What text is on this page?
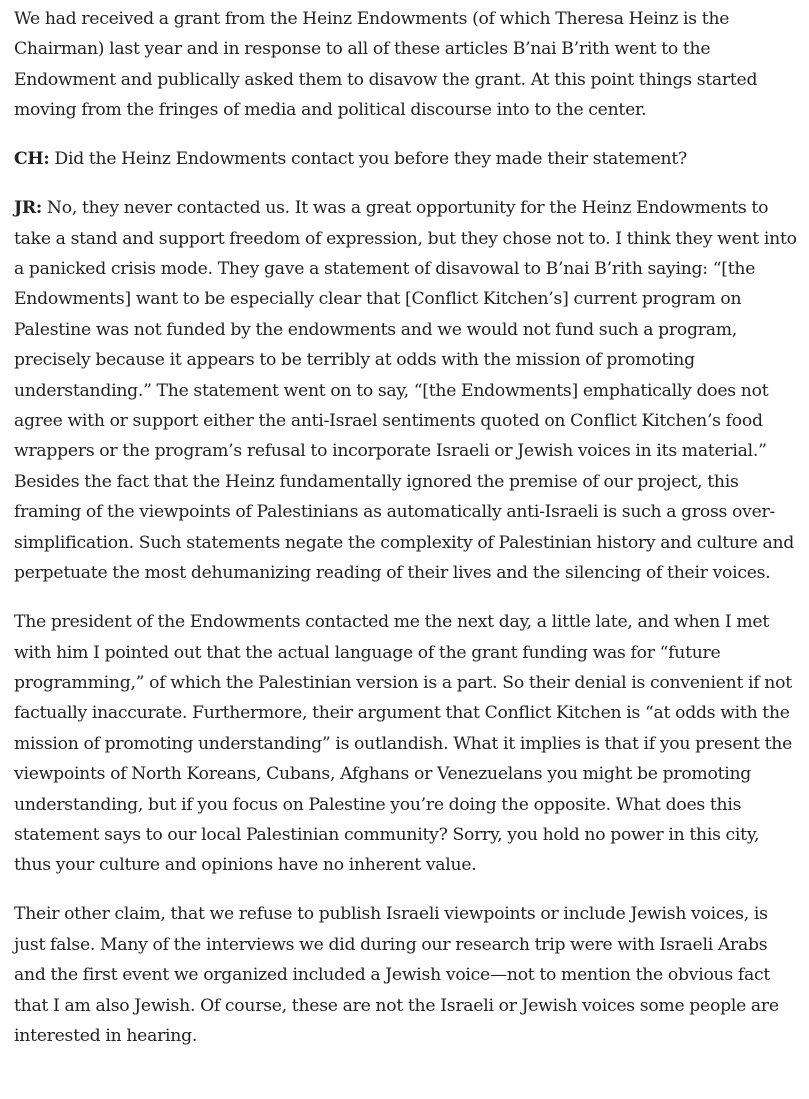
We had received a grant from the Heinz Endowments (of which Theresa Heinz is the Chairman) last year and in response to all of these articles B’nai B’rith went to the Endowment and publically asked them to disavow the grant. At this point things started moving from the fringes of media and political discourse into to the center.

CH: Did the Heinz Endowments contact you before they made their statement?

JR: No, they never contacted us. It was a great opportunity for the Heinz Endowments to take a stand and support freedom of expression, but they chose not to. I think they went into a panicked crisis mode. They gave a statement of disavowal to B’nai B’rith saying: “[the Endowments] want to be especially clear that [Conflict Kitchen’s] current program on Palestine was not funded by the endowments and we would not fund such a program, precisely because it appears to be terribly at odds with the mission of promoting understanding.” The statement went on to say, “[the Endowments] emphatically does not agree with or support either the anti-Israel sentiments quoted on Conflict Kitchen’s food wrappers or the program’s refusal to incorporate Israeli or Jewish voices in its material.” Besides the fact that the Heinz fundamentally ignored the premise of our project, this framing of the viewpoints of Palestinians as automatically anti-Israeli is such a gross over-simplification. Such statements negate the complexity of Palestinian history and culture and perpetuate the most dehumanizing reading of their lives and the silencing of their voices.

The president of the Endowments contacted me the next day, a little late, and when I met with him I pointed out that the actual language of the grant funding was for “future programming,” of which the Palestinian version is a part. So their denial is convenient if not factually inaccurate. Furthermore, their argument that Conflict Kitchen is “at odds with the mission of promoting understanding” is outlandish. What it implies is that if you present the viewpoints of North Koreans, Cubans, Afghans or Venezuelans you might be promoting understanding, but if you focus on Palestine you’re doing the opposite. What does this statement says to our local Palestinian community? Sorry, you hold no power in this city, thus your culture and opinions have no inherent value.

Their other claim, that we refuse to publish Israeli viewpoints or include Jewish voices, is just false. Many of the interviews we did during our research trip were with Israeli Arabs and the first event we organized included a Jewish voice—not to mention the obvious fact that I am also Jewish. Of course, these are not the Israeli or Jewish voices some people are interested in hearing.
